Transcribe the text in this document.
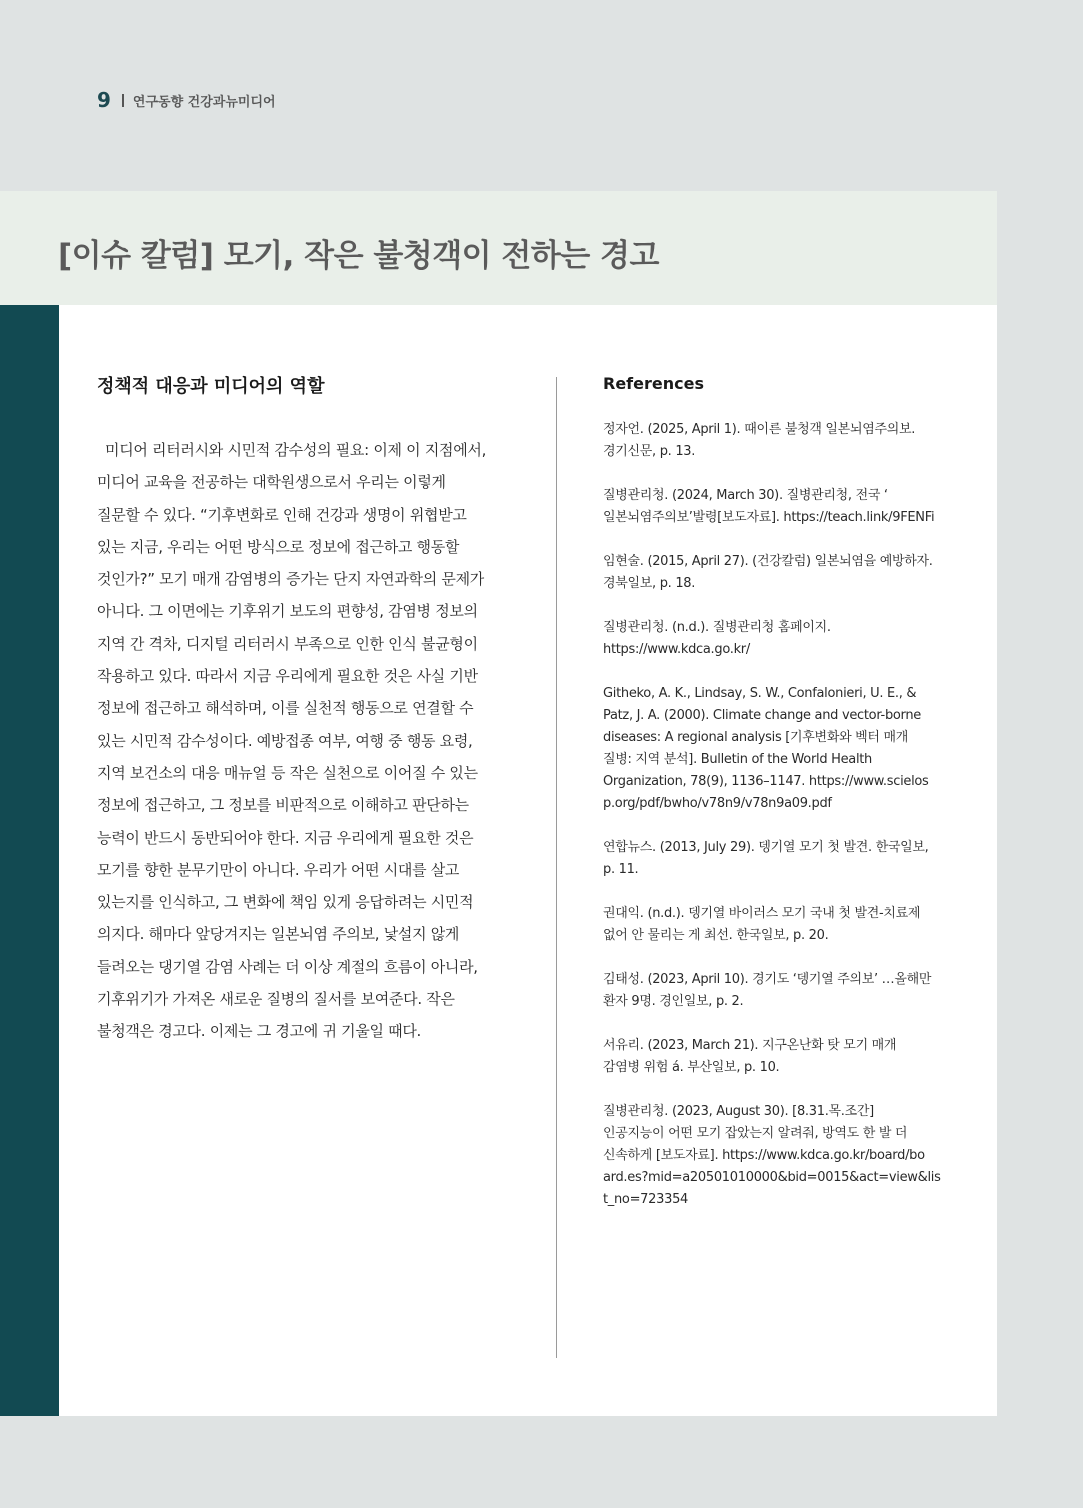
9 연구동향 건강과뉴미디어
[이슈 칼럼] 모기, 작은 불청객이 전하는 경고
정책적 대응과 미디어의 역할
미디어 리터러시와 시민적 감수성의 필요: 이제 이 지점에서,
미디어 교육을 전공하는 대학원생으로서 우리는 이렇게
질문할 수 있다. “기후변화로 인해 건강과 생명이 위협받고
있는 지금, 우리는 어떤 방식으로 정보에 접근하고 행동할
것인가?” 모기 매개 감염병의 증가는 단지 자연과학의 문제가
아니다. 그 이면에는 기후위기 보도의 편향성, 감염병 정보의
지역 간 격차, 디지털 리터러시 부족으로 인한 인식 불균형이
작용하고 있다. 따라서 지금 우리에게 필요한 것은 사실 기반
정보에 접근하고 해석하며, 이를 실천적 행동으로 연결할 수
있는 시민적 감수성이다. 예방접종 여부, 여행 중 행동 요령,
지역 보건소의 대응 매뉴얼 등 작은 실천으로 이어질 수 있는
정보에 접근하고, 그 정보를 비판적으로 이해하고 판단하는
능력이 반드시 동반되어야 한다. 지금 우리에게 필요한 것은
모기를 향한 분무기만이 아니다. 우리가 어떤 시대를 살고
있는지를 인식하고, 그 변화에 책임 있게 응답하려는 시민적
의지다. 해마다 앞당겨지는 일본뇌염 주의보, 낯설지 않게
들려오는 댕기열 감염 사례는 더 이상 계절의 흐름이 아니라,
기후위기가 가져온 새로운 질병의 질서를 보여준다. 작은
불청객은 경고다. 이제는 그 경고에 귀 기울일 때다.
References
정자언. (2025, April 1). 때이른 불청객 일본뇌염주의보.
경기신문, p. 13.
질병관리청. (2024, March 30). 질병관리청, 전국 ‘
일본뇌염주의보’발령[보도자료]. https://teach.link/9FENFi
임현술. (2015, April 27). (건강칼럼) 일본뇌염을 예방하자.
경북일보, p. 18.
질병관리청. (n.d.). 질병관리청 홈페이지.
https://www.kdca.go.kr/
Githeko, A. K., Lindsay, S. W., Confalonieri, U. E., &
Patz, J. A. (2000). Climate change and vector-borne
diseases: A regional analysis [기후변화와 벡터 매개
질병: 지역 분석]. Bulletin of the World Health
Organization, 78(9), 1136–1147. https://www.scielos
p.org/pdf/bwho/v78n9/v78n9a09.pdf
연합뉴스. (2013, July 29). 뎅기열 모기 첫 발견. 한국일보,
p. 11.
권대익. (n.d.). 뎅기열 바이러스 모기 국내 첫 발견-치료제
없어 안 물리는 게 최선. 한국일보, p. 20.
김태성. (2023, April 10). 경기도 ‘뎅기열 주의보’ …올해만
환자 9명. 경인일보, p. 2.
서유리. (2023, March 21). 지구온난화 탓 모기 매개
감염병 위험 á. 부산일보, p. 10.
질병관리청. (2023, August 30). [8.31.목.조간]
인공지능이 어떤 모기 잡았는지 알려줘, 방역도 한 발 더
신속하게 [보도자료]. https://www.kdca.go.kr/board/bo
ard.es?mid=a20501010000&bid=0015&act=view&lis
t_no=723354
